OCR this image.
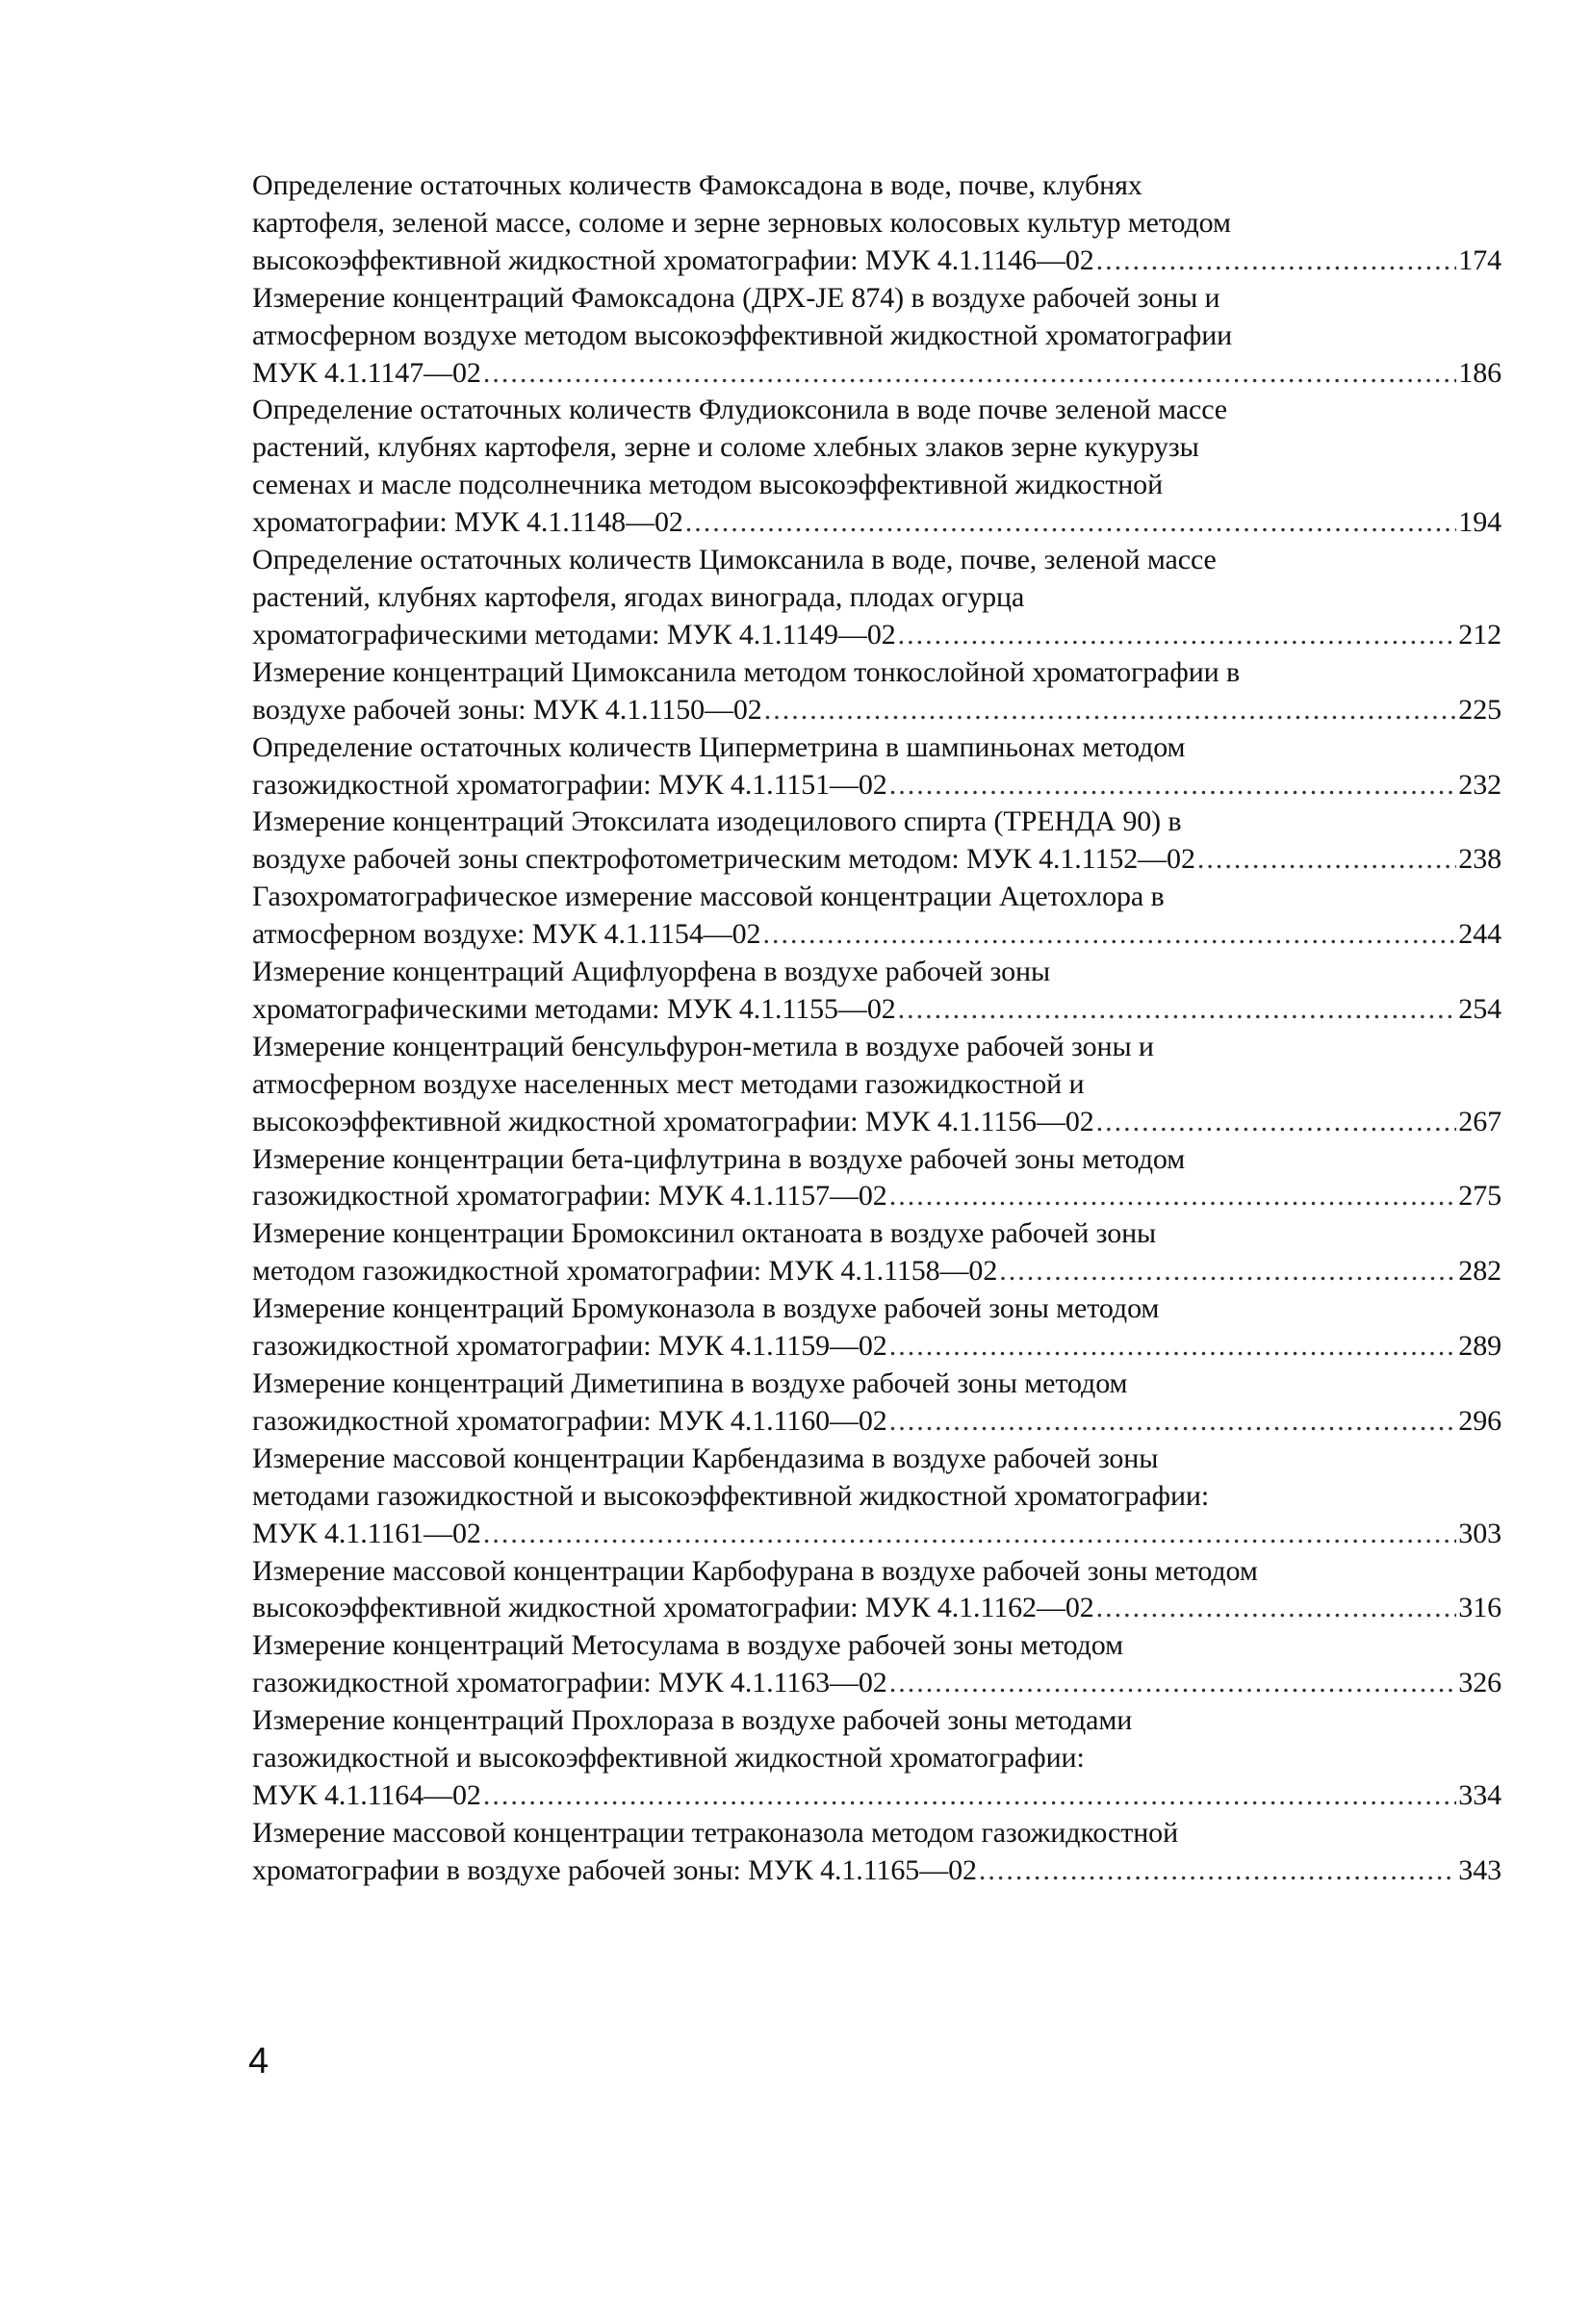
Определение остаточных количеств Фамоксадона в воде, почве, клубнях
картофеля, зеленой массе, соломе и зерне зерновых колосовых культур методом
высокоэффективной жидкостной хроматографии: МУК 4.1.1146—02 .....	174
Измерение концентраций Фамоксадона (ДРХ-ЈЕ 874) в воздухе рабочей зоны и
атмосферном воздухе методом высокоэффективной жидкостной хроматографии
МУК 4.1.1147—02 .....	186
Определение остаточных количеств Флудиоксонила в воде почве зеленой массе
растений, клубнях картофеля, зерне и соломе хлебных злаков зерне кукурузы
семенах и масле подсолнечника методом высокоэффективной жидкостной
хроматографии: МУК 4.1.1148—02 .....	194
Определение остаточных количеств Цимоксанила в воде, почве, зеленой массе
растений, клубнях картофеля, ягодах винограда, плодах огурца
хроматографическими методами: МУК 4.1.1149—02 .....	212
Измерение концентраций Цимоксанила методом тонкослойной хроматографии в
воздухе рабочей зоны: МУК 4.1.1150—02 .....	225
Определение остаточных количеств Циперметрина в шампиньонах методом
газожидкостной хроматографии: МУК 4.1.1151—02 .....	232
Измерение концентраций Этоксилата изодецилового спирта (ТРЕНДА 90) в
воздухе рабочей зоны спектрофотометрическим методом: МУК 4.1.1152—02 .....	238
Газохроматографическое измерение массовой концентрации Ацетохлора в
атмосферном воздухе: МУК 4.1.1154—02 .....	244
Измерение концентраций Ацифлуорфена в воздухе рабочей зоны
хроматографическими методами: МУК 4.1.1155—02 .....	254
Измерение концентраций бенсульфурон-метила в воздухе рабочей зоны и
атмосферном воздухе населенных мест методами газожидкостной и
высокоэффективной жидкостной хроматографии: МУК 4.1.1156—02 .....	267
Измерение концентрации бета-цифлутрина в воздухе рабочей зоны методом
газожидкостной хроматографии: МУК 4.1.1157—02 .....	275
Измерение концентрации Бромоксинил октаноата в воздухе рабочей зоны
методом газожидкостной хроматографии: МУК 4.1.1158—02 .....	282
Измерение концентраций Бромуконазола в воздухе рабочей зоны методом
газожидкостной хроматографии: МУК 4.1.1159—02 .....	289
Измерение концентраций Диметипина в воздухе рабочей зоны методом
газожидкостной хроматографии: МУК 4.1.1160—02 .....	296
Измерение массовой концентрации Карбендазима в воздухе рабочей зоны
методами газожидкостной и высокоэффективной жидкостной хроматографии:
МУК 4.1.1161—02 .....	303
Измерение массовой концентрации Карбофурана в воздухе рабочей зоны методом
высокоэффективной жидкостной хроматографии: МУК 4.1.1162—02 .....	316
Измерение концентраций Метосулама в воздухе рабочей зоны методом
газожидкостной хроматографии: МУК 4.1.1163—02 .....	326
Измерение концентраций Прохлораза в воздухе рабочей зоны методами
газожидкостной и высокоэффективной жидкостной хроматографии:
МУК 4.1.1164—02 .....	334
Измерение массовой концентрации тетраконазола методом газожидкостной
хроматографии в воздухе рабочей зоны: МУК 4.1.1165—02 .....	343
4
